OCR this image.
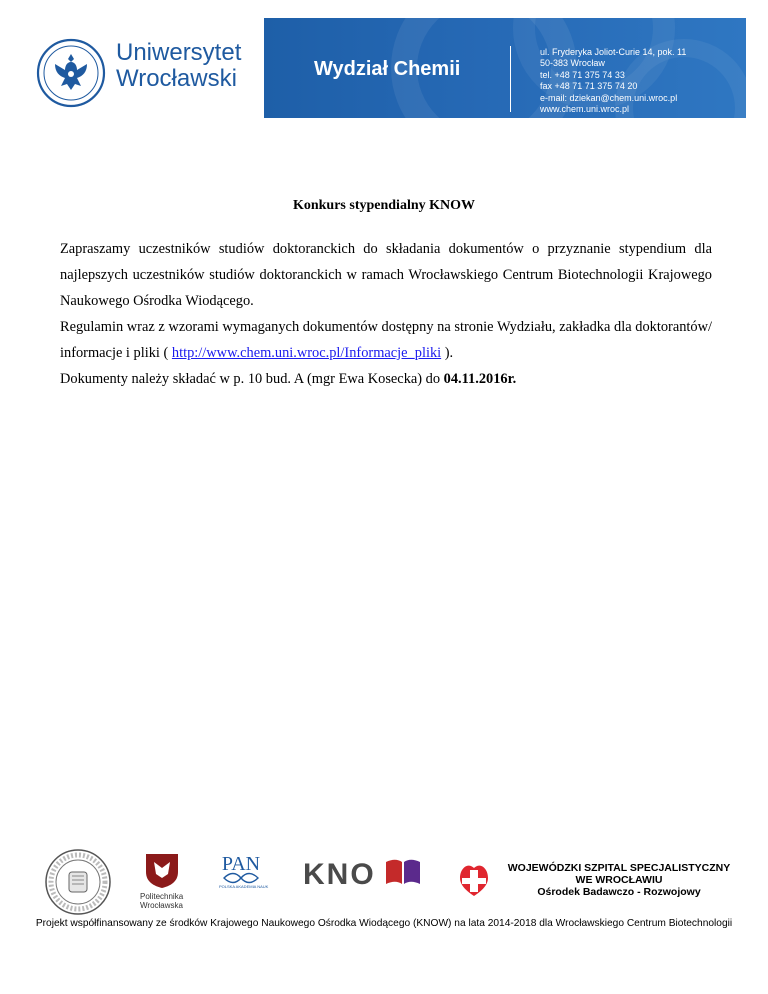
Uniwersytet
Wrocławski	Wydział Chemii
ul. Fryderyka Joliot-Curie 14, pok. 11
50-383 Wrocław
tel. +48 71 375 74 33
fax +48 71 71 375 74 20
e-mail: dziekan@chem.uni.wroc.pl
www.chem.uni.wroc.pl
Konkurs stypendialny KNOW

Zapraszamy uczestników studiów doktoranckich do składania dokumentów o przyznanie stypendium dla najlepszych uczestników studiów doktoranckich w ramach Wrocławskiego Centrum Biotechnologii Krajowego Naukowego Ośrodka Wiodącego.

Regulamin wraz z wzorami wymaganych dokumentów dostępny na stronie Wydziału, zakładka dla doktorantów/ informacje i pliki ( http://www.chem.uni.wroc.pl/Informacje_pliki ).

Dokumenty należy składać w p. 10 bud. A (mgr Ewa Kosecka) do 04.11.2016r.

PAN
Politechnika
Wrocławska
POLSKA AKADEMIA NAUK KNO	WOJEWÓDZKI SZPITAL SPECJALISTYCZNY
WE WROCŁAWIU
Ośrodek Badawczo - Rozwojowy
Projekt współfinansowany ze środków Krajowego Naukowego Ośrodka Wiodącego (KNOW) na lata 2014-2018 dla Wrocławskiego Centrum Biotechnologii
